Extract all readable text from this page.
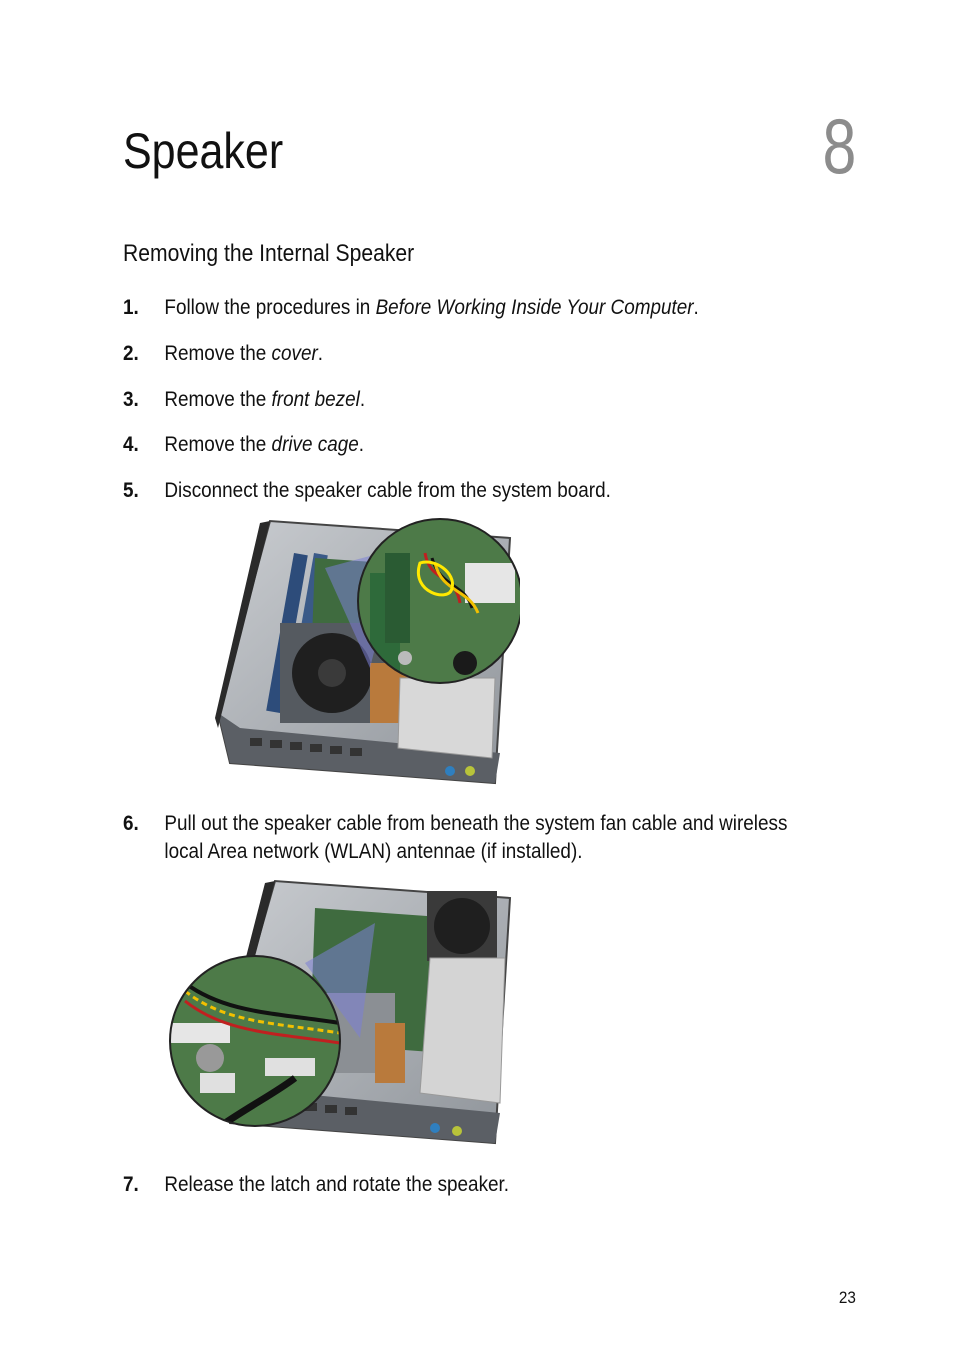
Speaker	8
Removing the Internal Speaker
1.	Follow the procedures in Before Working Inside Your Computer.
2.	Remove the cover.
3.	Remove the front bezel.
4.	Remove the drive cage.
5.	Disconnect the speaker cable from the system board.
6.	Pull out the speaker cable from beneath the system fan cable and wireless
local Area network (WLAN) antennae (if installed).
7.	Release the latch and rotate the speaker.
23
